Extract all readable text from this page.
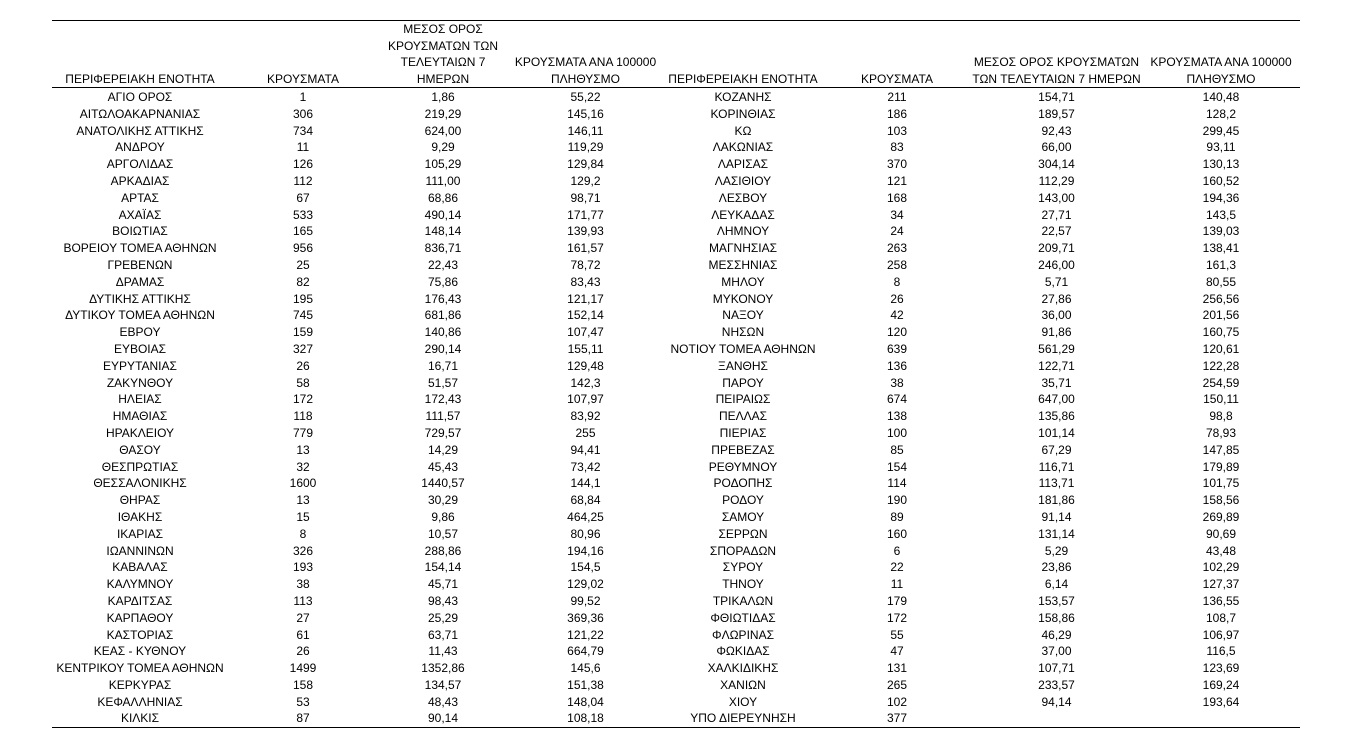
ΠΕΡΙΦΕΡΕΙΑΚΗ ΕΝΟΤΗΤΑ	ΚΡΟΥΣΜΑΤΑ	ΜΕΣΟΣ ΟΡΟΣ ΚΡΟΥΣΜΑΤΩΝ ΤΩΝ ΤΕΛΕΥΤΑΙΩΝ 7 ΗΜΕΡΩΝ	ΚΡΟΥΣΜΑΤΑ ΑΝΑ 100000 ΠΛΗΘΥΣΜΟ	ΠΕΡΙΦΕΡΕΙΑΚΗ ΕΝΟΤΗΤΑ	ΚΡΟΥΣΜΑΤΑ	ΜΕΣΟΣ ΟΡΟΣ ΚΡΟΥΣΜΑΤΩΝ ΤΩΝ ΤΕΛΕΥΤΑΙΩΝ 7 ΗΜΕΡΩΝ	ΚΡΟΥΣΜΑΤΑ ΑΝΑ 100000 ΠΛΗΘΥΣΜΟ
ΑΓΙΟ ΟΡΟΣ	1	1,86	55,22	ΚΟΖΑΝΗΣ	211	154,71	140,48
ΑΙΤΩΛΟΑΚΑΡΝΑΝΙΑΣ	306	219,29	145,16	ΚΟΡΙΝΘΙΑΣ	186	189,57	128,2
ΑΝΑΤΟΛΙΚΗΣ ΑΤΤΙΚΗΣ	734	624,00	146,11	ΚΩ	103	92,43	299,45
ΑΝΔΡΟΥ	11	9,29	119,29	ΛΑΚΩΝΙΑΣ	83	66,00	93,11
ΑΡΓΟΛΙΔΑΣ	126	105,29	129,84	ΛΑΡΙΣΑΣ	370	304,14	130,13
ΑΡΚΑΔΙΑΣ	112	111,00	129,2	ΛΑΣΙΘΙΟΥ	121	112,29	160,52
ΑΡΤΑΣ	67	68,86	98,71	ΛΕΣΒΟΥ	168	143,00	194,36
ΑΧΑΪΑΣ	533	490,14	171,77	ΛΕΥΚΑΔΑΣ	34	27,71	143,5
ΒΟΙΩΤΙΑΣ	165	148,14	139,93	ΛΗΜΝΟΥ	24	22,57	139,03
ΒΟΡΕΙΟΥ ΤΟΜΕΑ ΑΘΗΝΩΝ	956	836,71	161,57	ΜΑΓΝΗΣΙΑΣ	263	209,71	138,41
ΓΡΕΒΕΝΩΝ	25	22,43	78,72	ΜΕΣΣΗΝΙΑΣ	258	246,00	161,3
ΔΡΑΜΑΣ	82	75,86	83,43	ΜΗΛΟΥ	8	5,71	80,55
ΔΥΤΙΚΗΣ ΑΤΤΙΚΗΣ	195	176,43	121,17	ΜΥΚΟΝΟΥ	26	27,86	256,56
ΔΥΤΙΚΟΥ ΤΟΜΕΑ ΑΘΗΝΩΝ	745	681,86	152,14	ΝΑΞΟΥ	42	36,00	201,56
ΕΒΡΟΥ	159	140,86	107,47	ΝΗΣΩΝ	120	91,86	160,75
ΕΥΒΟΙΑΣ	327	290,14	155,11	ΝΟΤΙΟΥ ΤΟΜΕΑ ΑΘΗΝΩΝ	639	561,29	120,61
ΕΥΡΥΤΑΝΙΑΣ	26	16,71	129,48	ΞΑΝΘΗΣ	136	122,71	122,28
ΖΑΚΥΝΘΟΥ	58	51,57	142,3	ΠΑΡΟΥ	38	35,71	254,59
ΗΛΕΙΑΣ	172	172,43	107,97	ΠΕΙΡΑΙΩΣ	674	647,00	150,11
ΗΜΑΘΙΑΣ	118	111,57	83,92	ΠΕΛΛΑΣ	138	135,86	98,8
ΗΡΑΚΛΕΙΟΥ	779	729,57	255	ΠΙΕΡΙΑΣ	100	101,14	78,93
ΘΑΣΟΥ	13	14,29	94,41	ΠΡΕΒΕΖΑΣ	85	67,29	147,85
ΘΕΣΠΡΩΤΙΑΣ	32	45,43	73,42	ΡΕΘΥΜΝΟΥ	154	116,71	179,89
ΘΕΣΣΑΛΟΝΙΚΗΣ	1600	1440,57	144,1	ΡΟΔΟΠΗΣ	114	113,71	101,75
ΘΗΡΑΣ	13	30,29	68,84	ΡΟΔΟΥ	190	181,86	158,56
ΙΘΑΚΗΣ	15	9,86	464,25	ΣΑΜΟΥ	89	91,14	269,89
ΙΚΑΡΙΑΣ	8	10,57	80,96	ΣΕΡΡΩΝ	160	131,14	90,69
ΙΩΑΝΝΙΝΩΝ	326	288,86	194,16	ΣΠΟΡΑΔΩΝ	6	5,29	43,48
ΚΑΒΑΛΑΣ	193	154,14	154,5	ΣΥΡΟΥ	22	23,86	102,29
ΚΑΛΥΜΝΟΥ	38	45,71	129,02	ΤΗΝΟΥ	11	6,14	127,37
ΚΑΡΔΙΤΣΑΣ	113	98,43	99,52	ΤΡΙΚΑΛΩΝ	179	153,57	136,55
ΚΑΡΠΑΘΟΥ	27	25,29	369,36	ΦΘΙΩΤΙΔΑΣ	172	158,86	108,7
ΚΑΣΤΟΡΙΑΣ	61	63,71	121,22	ΦΛΩΡΙΝΑΣ	55	46,29	106,97
ΚΕΑΣ - ΚΥΘΝΟΥ	26	11,43	664,79	ΦΩΚΙΔΑΣ	47	37,00	116,5
ΚΕΝΤΡΙΚΟΥ ΤΟΜΕΑ ΑΘΗΝΩΝ	1499	1352,86	145,6	ΧΑΛΚΙΔΙΚΗΣ	131	107,71	123,69
ΚΕΡΚΥΡΑΣ	158	134,57	151,38	ΧΑΝΙΩΝ	265	233,57	169,24
ΚΕΦΑΛΛΗΝΙΑΣ	53	48,43	148,04	ΧΙΟΥ	102	94,14	193,64
ΚΙΛΚΙΣ	87	90,14	108,18	ΥΠΟ ΔΙΕΡΕΥΝΗΣΗ	377		
